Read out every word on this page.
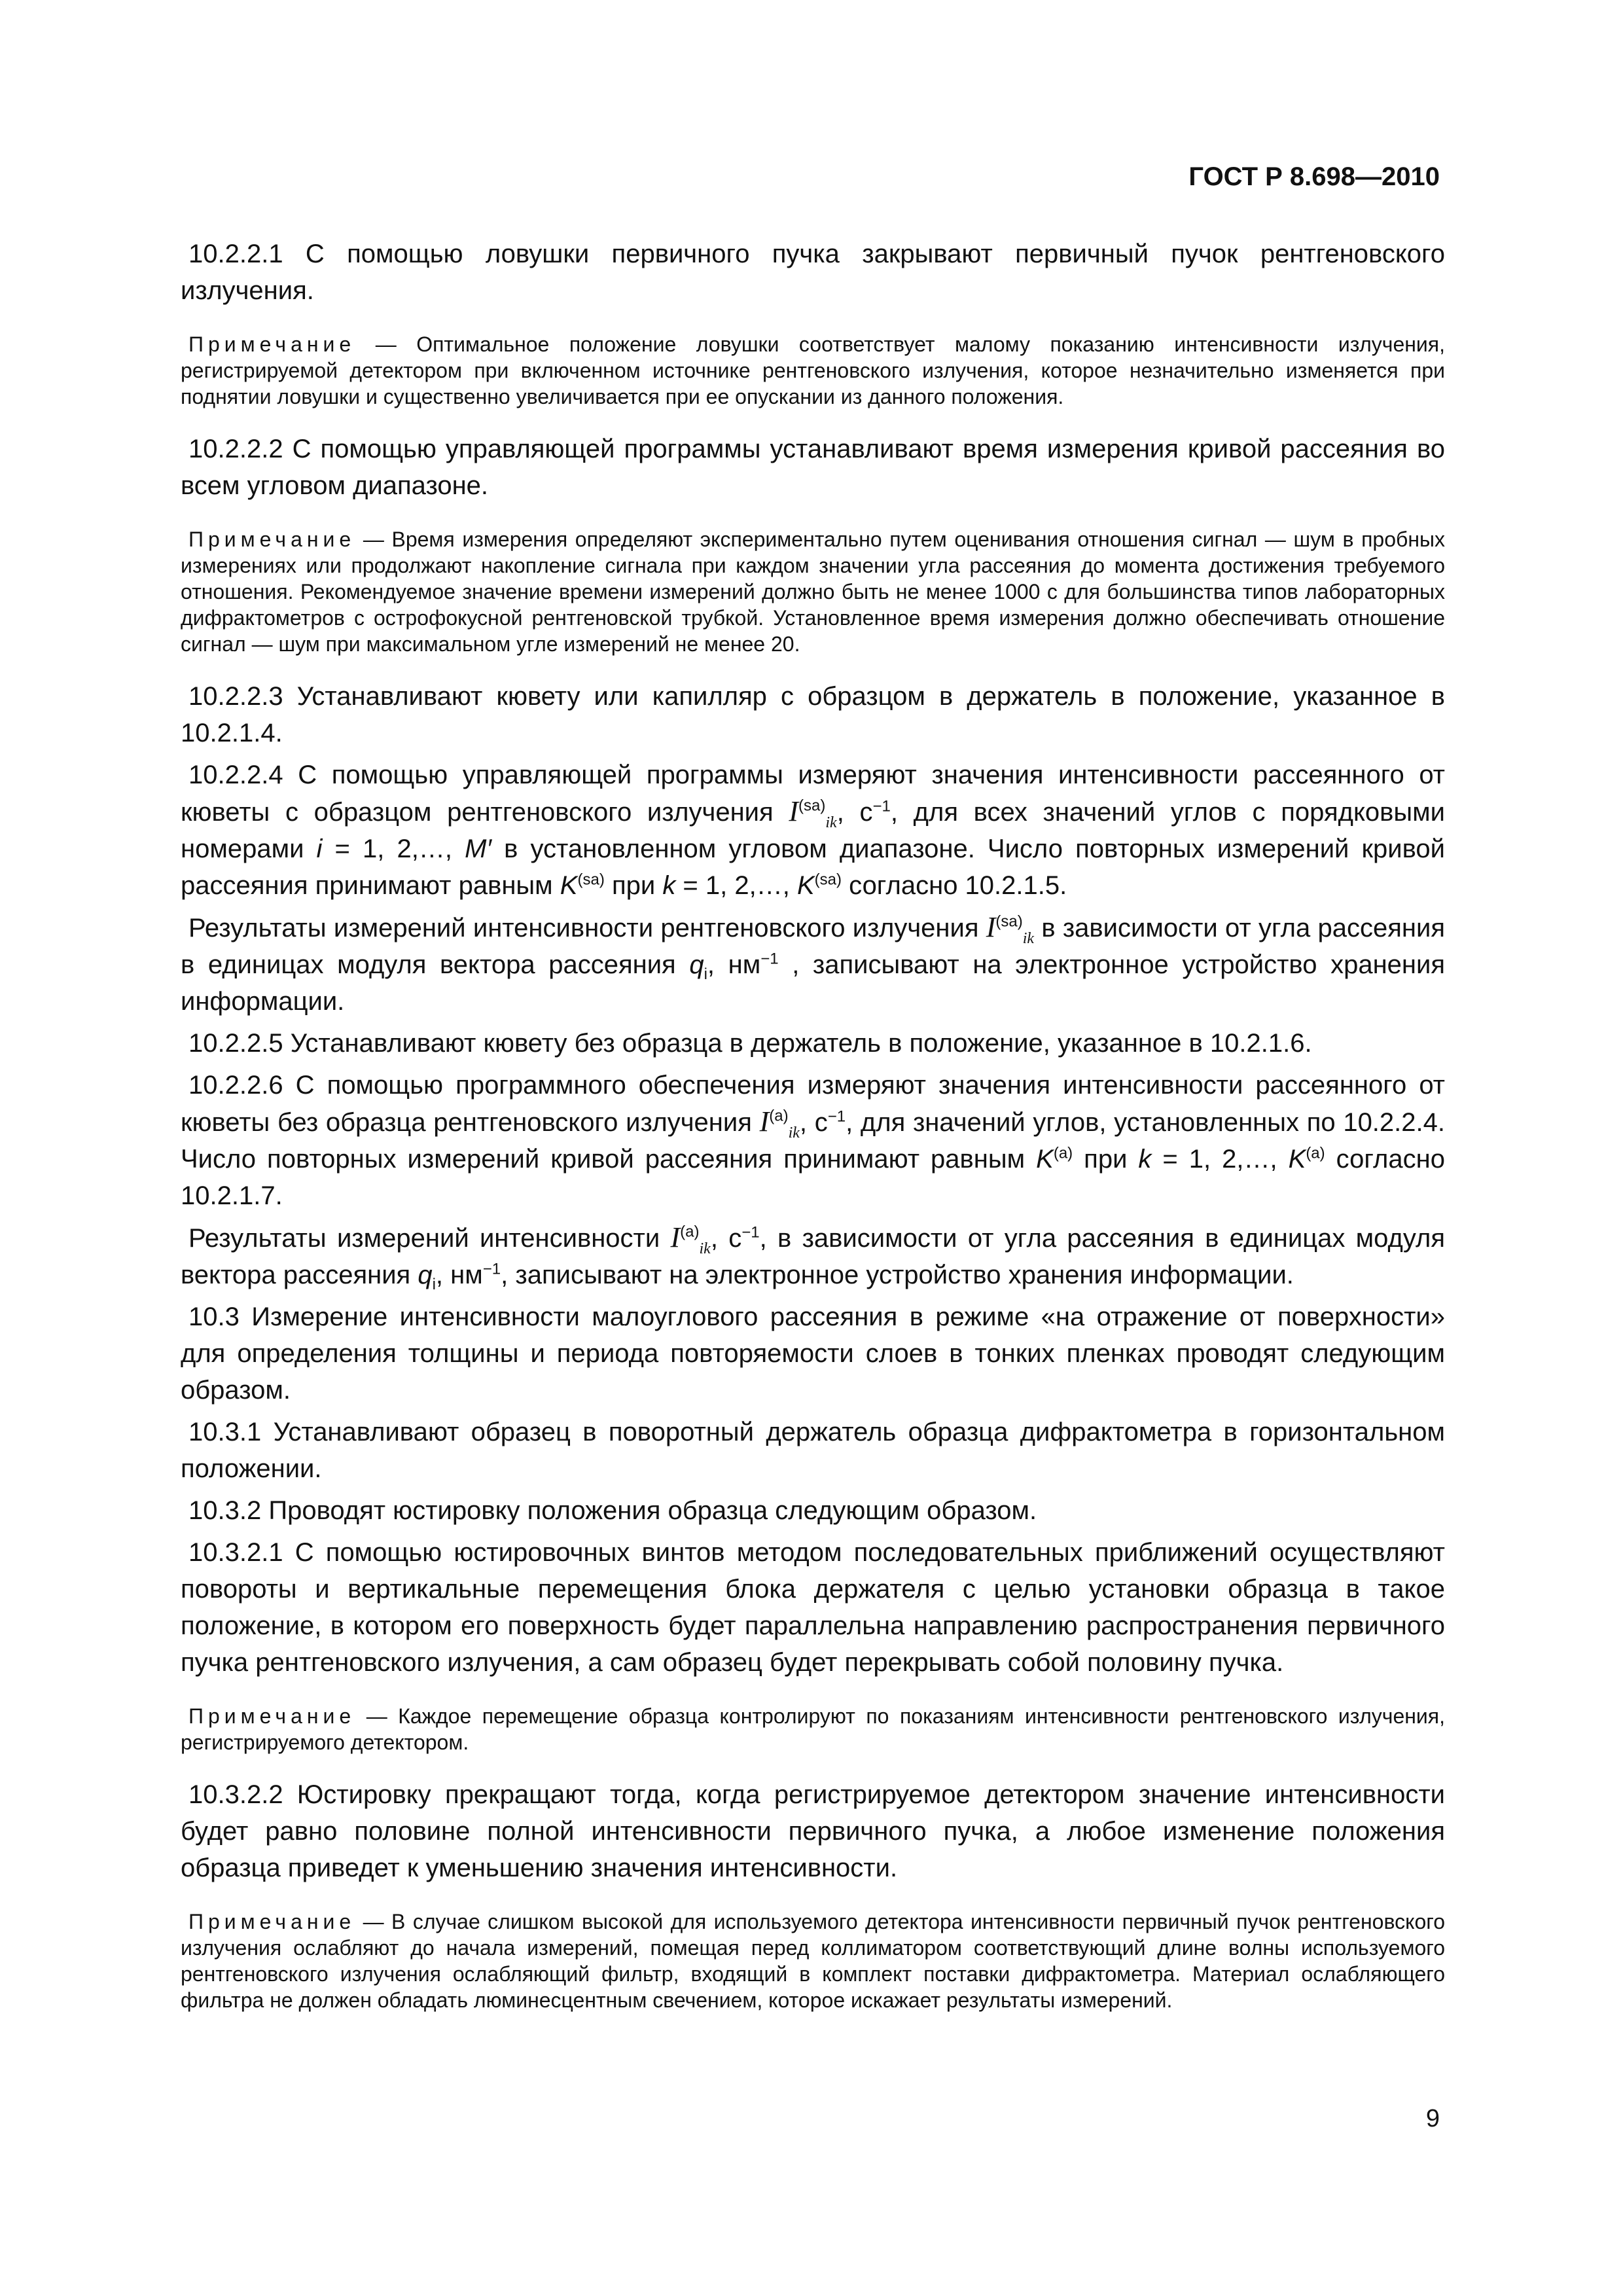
ГОСТ Р 8.698—2010

10.2.2.1 С помощью ловушки первичного пучка закрывают первичный пучок рентгеновского излучения.

Примечание — Оптимальное положение ловушки соответствует малому показанию интенсивности излучения, регистрируемой детектором при включенном источнике рентгеновского излучения, которое незначительно изменяется при поднятии ловушки и существенно увеличивается при ее опускании из данного положения.

10.2.2.2 С помощью управляющей программы устанавливают время измерения кривой рассеяния во всем угловом диапазоне.

Примечание — Время измерения определяют экспериментально путем оценивания отношения сигнал — шум в пробных измерениях или продолжают накопление сигнала при каждом значении угла рассеяния до момента достижения требуемого отношения. Рекомендуемое значение времени измерений должно быть не менее 1000 с для большинства типов лабораторных дифрактометров с острофокусной рентгеновской трубкой. Установленное время измерения должно обеспечивать отношение сигнал — шум при максимальном угле измерений не менее 20.

10.2.2.3 Устанавливают кювету или капилляр с образцом в держатель в положение, указанное в 10.2.1.4.

10.2.2.4 С помощью управляющей программы измеряют значения интенсивности рассеянного от кюветы с образцом рентгеновского излучения $I^{(sa)}_{ik}$, $с^{-1}$, для всех значений углов с порядковыми номерами i = 1, 2,…, M′ в установленном угловом диапазоне. Число повторных измерений кривой рассеяния принимают равным $K^{(sa)}$ при k = 1, 2,…, $K^{(sa)}$ согласно 10.2.1.5.

Результаты измерений интенсивности рентгеновского излучения $I^{(sa)}_{ik}$ в зависимости от угла рассеяния в единицах модуля вектора рассеяния $q_i$, $нм^{-1}$ , записывают на электронное устройство хранения информации.

10.2.2.5 Устанавливают кювету без образца в держатель в положение, указанное в 10.2.1.6.

10.2.2.6 С помощью программного обеспечения измеряют значения интенсивности рассеянного от кюветы без образца рентгеновского излучения $I^{(a)}_{ik}$, $с^{-1}$, для значений углов, установленных по 10.2.2.4. Число повторных измерений кривой рассеяния принимают равным $K^{(a)}$ при k = 1, 2,…, $K^{(a)}$ согласно 10.2.1.7.

Результаты измерений интенсивности $I^{(a)}_{ik}$, $с^{-1}$, в зависимости от угла рассеяния в единицах модуля вектора рассеяния $q_i$, $нм^{-1}$, записывают на электронное устройство хранения информации.

10.3 Измерение интенсивности малоуглового рассеяния в режиме «на отражение от поверхности» для определения толщины и периода повторяемости слоев в тонких пленках проводят следующим образом.

10.3.1 Устанавливают образец в поворотный держатель образца дифрактометра в горизонтальном положении.

10.3.2 Проводят юстировку положения образца следующим образом.

10.3.2.1 С помощью юстировочных винтов методом последовательных приближений осуществляют повороты и вертикальные перемещения блока держателя с целью установки образца в такое положение, в котором его поверхность будет параллельна направлению распространения первичного пучка рентгеновского излучения, а сам образец будет перекрывать собой половину пучка.

Примечание — Каждое перемещение образца контролируют по показаниям интенсивности рентгеновского излучения, регистрируемого детектором.

10.3.2.2 Юстировку прекращают тогда, когда регистрируемое детектором значение интенсивности будет равно половине полной интенсивности первичного пучка, а любое изменение положения образца приведет к уменьшению значения интенсивности.

Примечание — В случае слишком высокой для используемого детектора интенсивности первичный пучок рентгеновского излучения ослабляют до начала измерений, помещая перед коллиматором соответствующий длине волны используемого рентгеновского излучения ослабляющий фильтр, входящий в комплект поставки дифрактометра. Материал ослабляющего фильтра не должен обладать люминесцентным свечением, которое искажает результаты измерений.

9
